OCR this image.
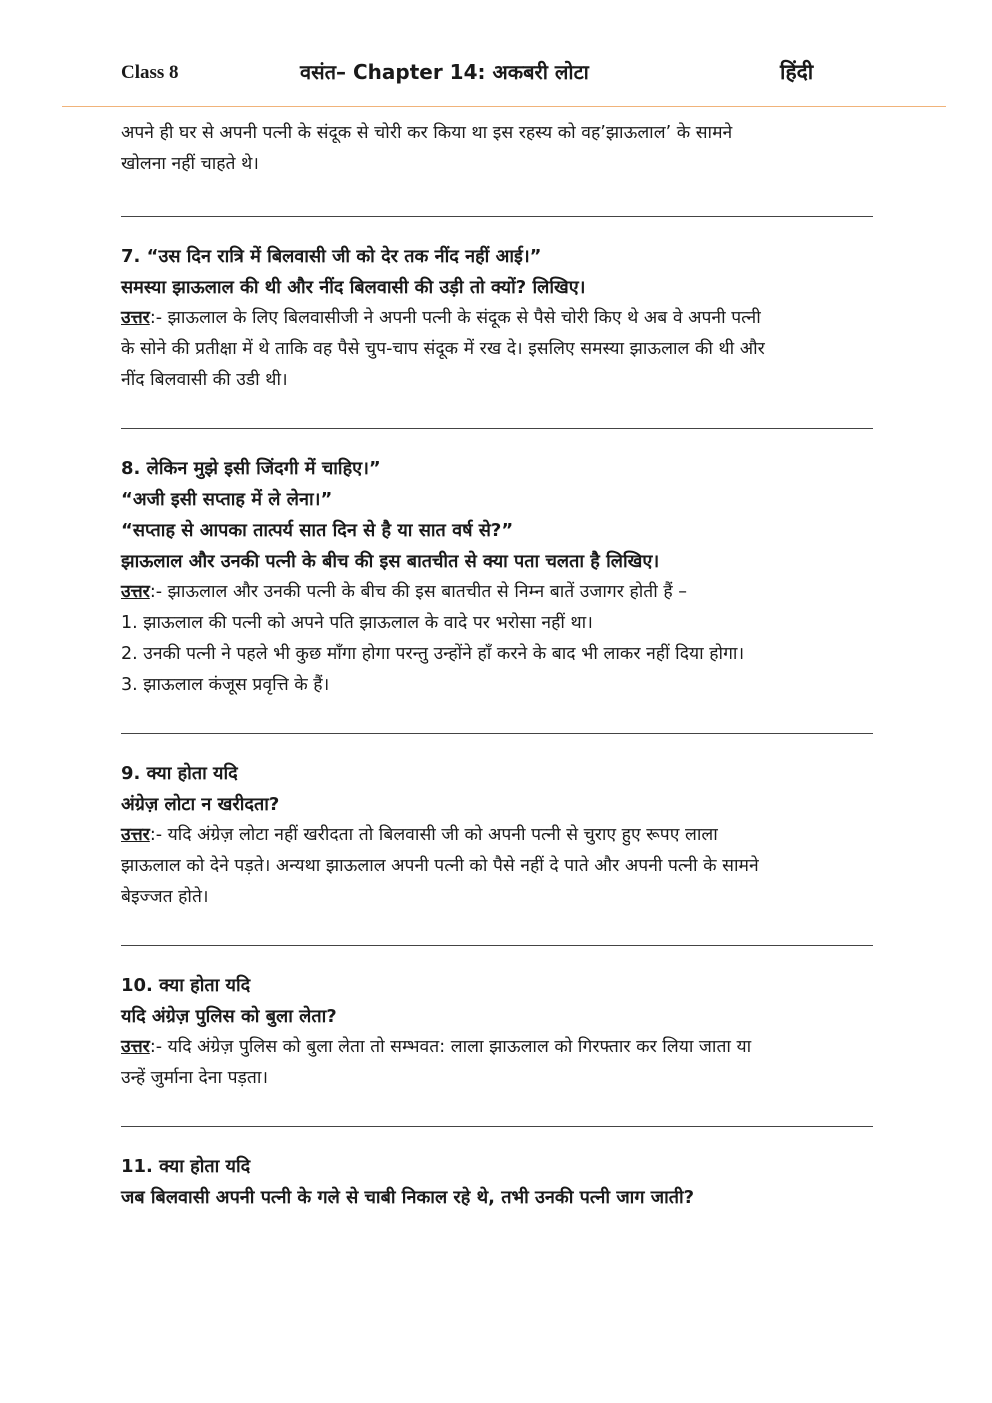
Class 8	वसंत– Chapter 14: अकबरी लोटा	हिंदी
अपने ही घर से अपनी पत्नी के संदूक से चोरी कर किया था इस रहस्य को वह’झाऊलाल’ के सामने
खोलना नहीं चाहते थे।
7. “उस दिन रात्रि में बिलवासी जी को देर तक नींद नहीं आई।”
समस्या झाऊलाल की थी और नींद बिलवासी की उड़ी तो क्यों? लिखिए।
उत्तर:- झाऊलाल के लिए बिलवासीजी ने अपनी पत्नी के संदूक से पैसे चोरी किए थे अब वे अपनी पत्नी
के सोने की प्रतीक्षा में थे ताकि वह पैसे चुप-चाप संदूक में रख दे। इसलिए समस्या झाऊलाल की थी और
नींद बिलवासी की उडी थी।
8. लेकिन मुझे इसी जिंदगी में चाहिए।”
“अजी इसी सप्ताह में ले लेना।”
“सप्ताह से आपका तात्पर्य सात दिन से है या सात वर्ष से?”
झाऊलाल और उनकी पत्नी के बीच की इस बातचीत से क्या पता चलता है लिखिए।
उत्तर:- झाऊलाल और उनकी पत्नी के बीच की इस बातचीत से निम्न बातें उजागर होती हैं –
1. झाऊलाल की पत्नी को अपने पति झाऊलाल के वादे पर भरोसा नहीं था।
2. उनकी पत्नी ने पहले भी कुछ माँगा होगा परन्तु उन्होंने हाँ करने के बाद भी लाकर नहीं दिया होगा।
3. झाऊलाल कंजूस प्रवृत्ति के हैं।
9. क्या होता यदि
अंग्रेज़ लोटा न खरीदता?
उत्तर:- यदि अंग्रेज़ लोटा नहीं खरीदता तो बिलवासी जी को अपनी पत्नी से चुराए हुए रूपए लाला
झाऊलाल को देने पड़ते। अन्यथा झाऊलाल अपनी पत्नी को पैसे नहीं दे पाते और अपनी पत्नी के सामने
बेइज्जत होते।
10. क्या होता यदि
यदि अंग्रेज़ पुलिस को बुला लेता?
उत्तर:- यदि अंग्रेज़ पुलिस को बुला लेता तो सम्भवत: लाला झाऊलाल को गिरफ्तार कर लिया जाता या
उन्हें जुर्माना देना पड़ता।
11. क्या होता यदि
जब बिलवासी अपनी पत्नी के गले से चाबी निकाल रहे थे, तभी उनकी पत्नी जाग जाती?
